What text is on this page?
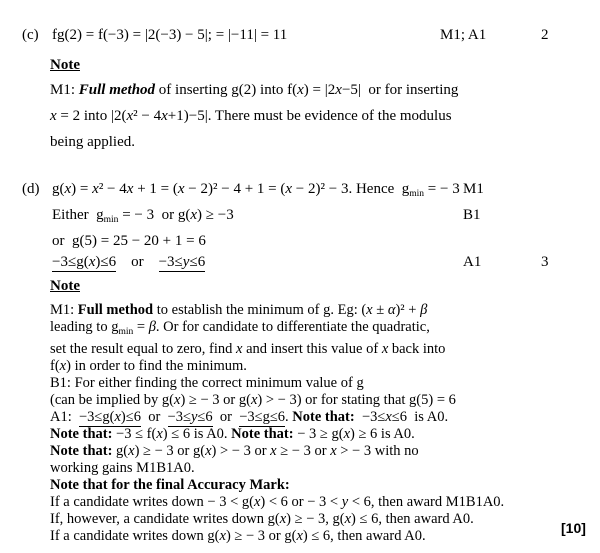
(c) fg(2) = f(−3) = |2(−3) − 5|; = |−11| = 11	M1; A1	2
Note
M1: Full method of inserting g(2) into f(x) = |2x−5|  or for inserting
x = 2 into |2(x² − 4x+1)−5|. There must be evidence of the modulus
being applied.
(d) g(x) = x² − 4x + 1 = (x − 2)² − 4 + 1 = (x − 2)² − 3. Hence  $g_{min}$ = − 3 M1
Either  $g_{min}$ = − 3  or g(x) ≥ −3	B1
or  g(5) = 25 − 20 + 1 = 6
−3≤g(x)≤6    or    −3≤y≤6	A1	3
Note
M1: Full method to establish the minimum of g. Eg: (x ± α)² + β
leading to $g_{min} = \beta$. Or for candidate to differentiate the quadratic,
set the result equal to zero, find x and insert this value of x back into
f(x) in order to find the minimum.
B1: For either finding the correct minimum value of g
(can be implied by g(x) ≥ − 3 or g(x) > − 3) or for stating that g(5) = 6
A1:  −3≤g(x)≤6  or  −3≤y≤6  or  −3≤g≤6. Note that:  −3≤x≤6  is A0.
Note that: −3 ≤ f(x) ≤ 6 is A0. Note that: − 3 ≥ g(x) ≥ 6 is A0.
Note that: g(x) ≥ − 3 or g(x) > − 3 or x ≥ − 3 or x > − 3 with no
working gains M1B1A0.
Note that for the final Accuracy Mark:
If a candidate writes down − 3 < g(x) < 6 or − 3 < y < 6, then award M1B1A0.
If, however, a candidate writes down g(x) ≥ − 3, g(x) ≤ 6, then award A0.
If a candidate writes down g(x) ≥ − 3 or g(x) ≤ 6, then award A0.	[10]
